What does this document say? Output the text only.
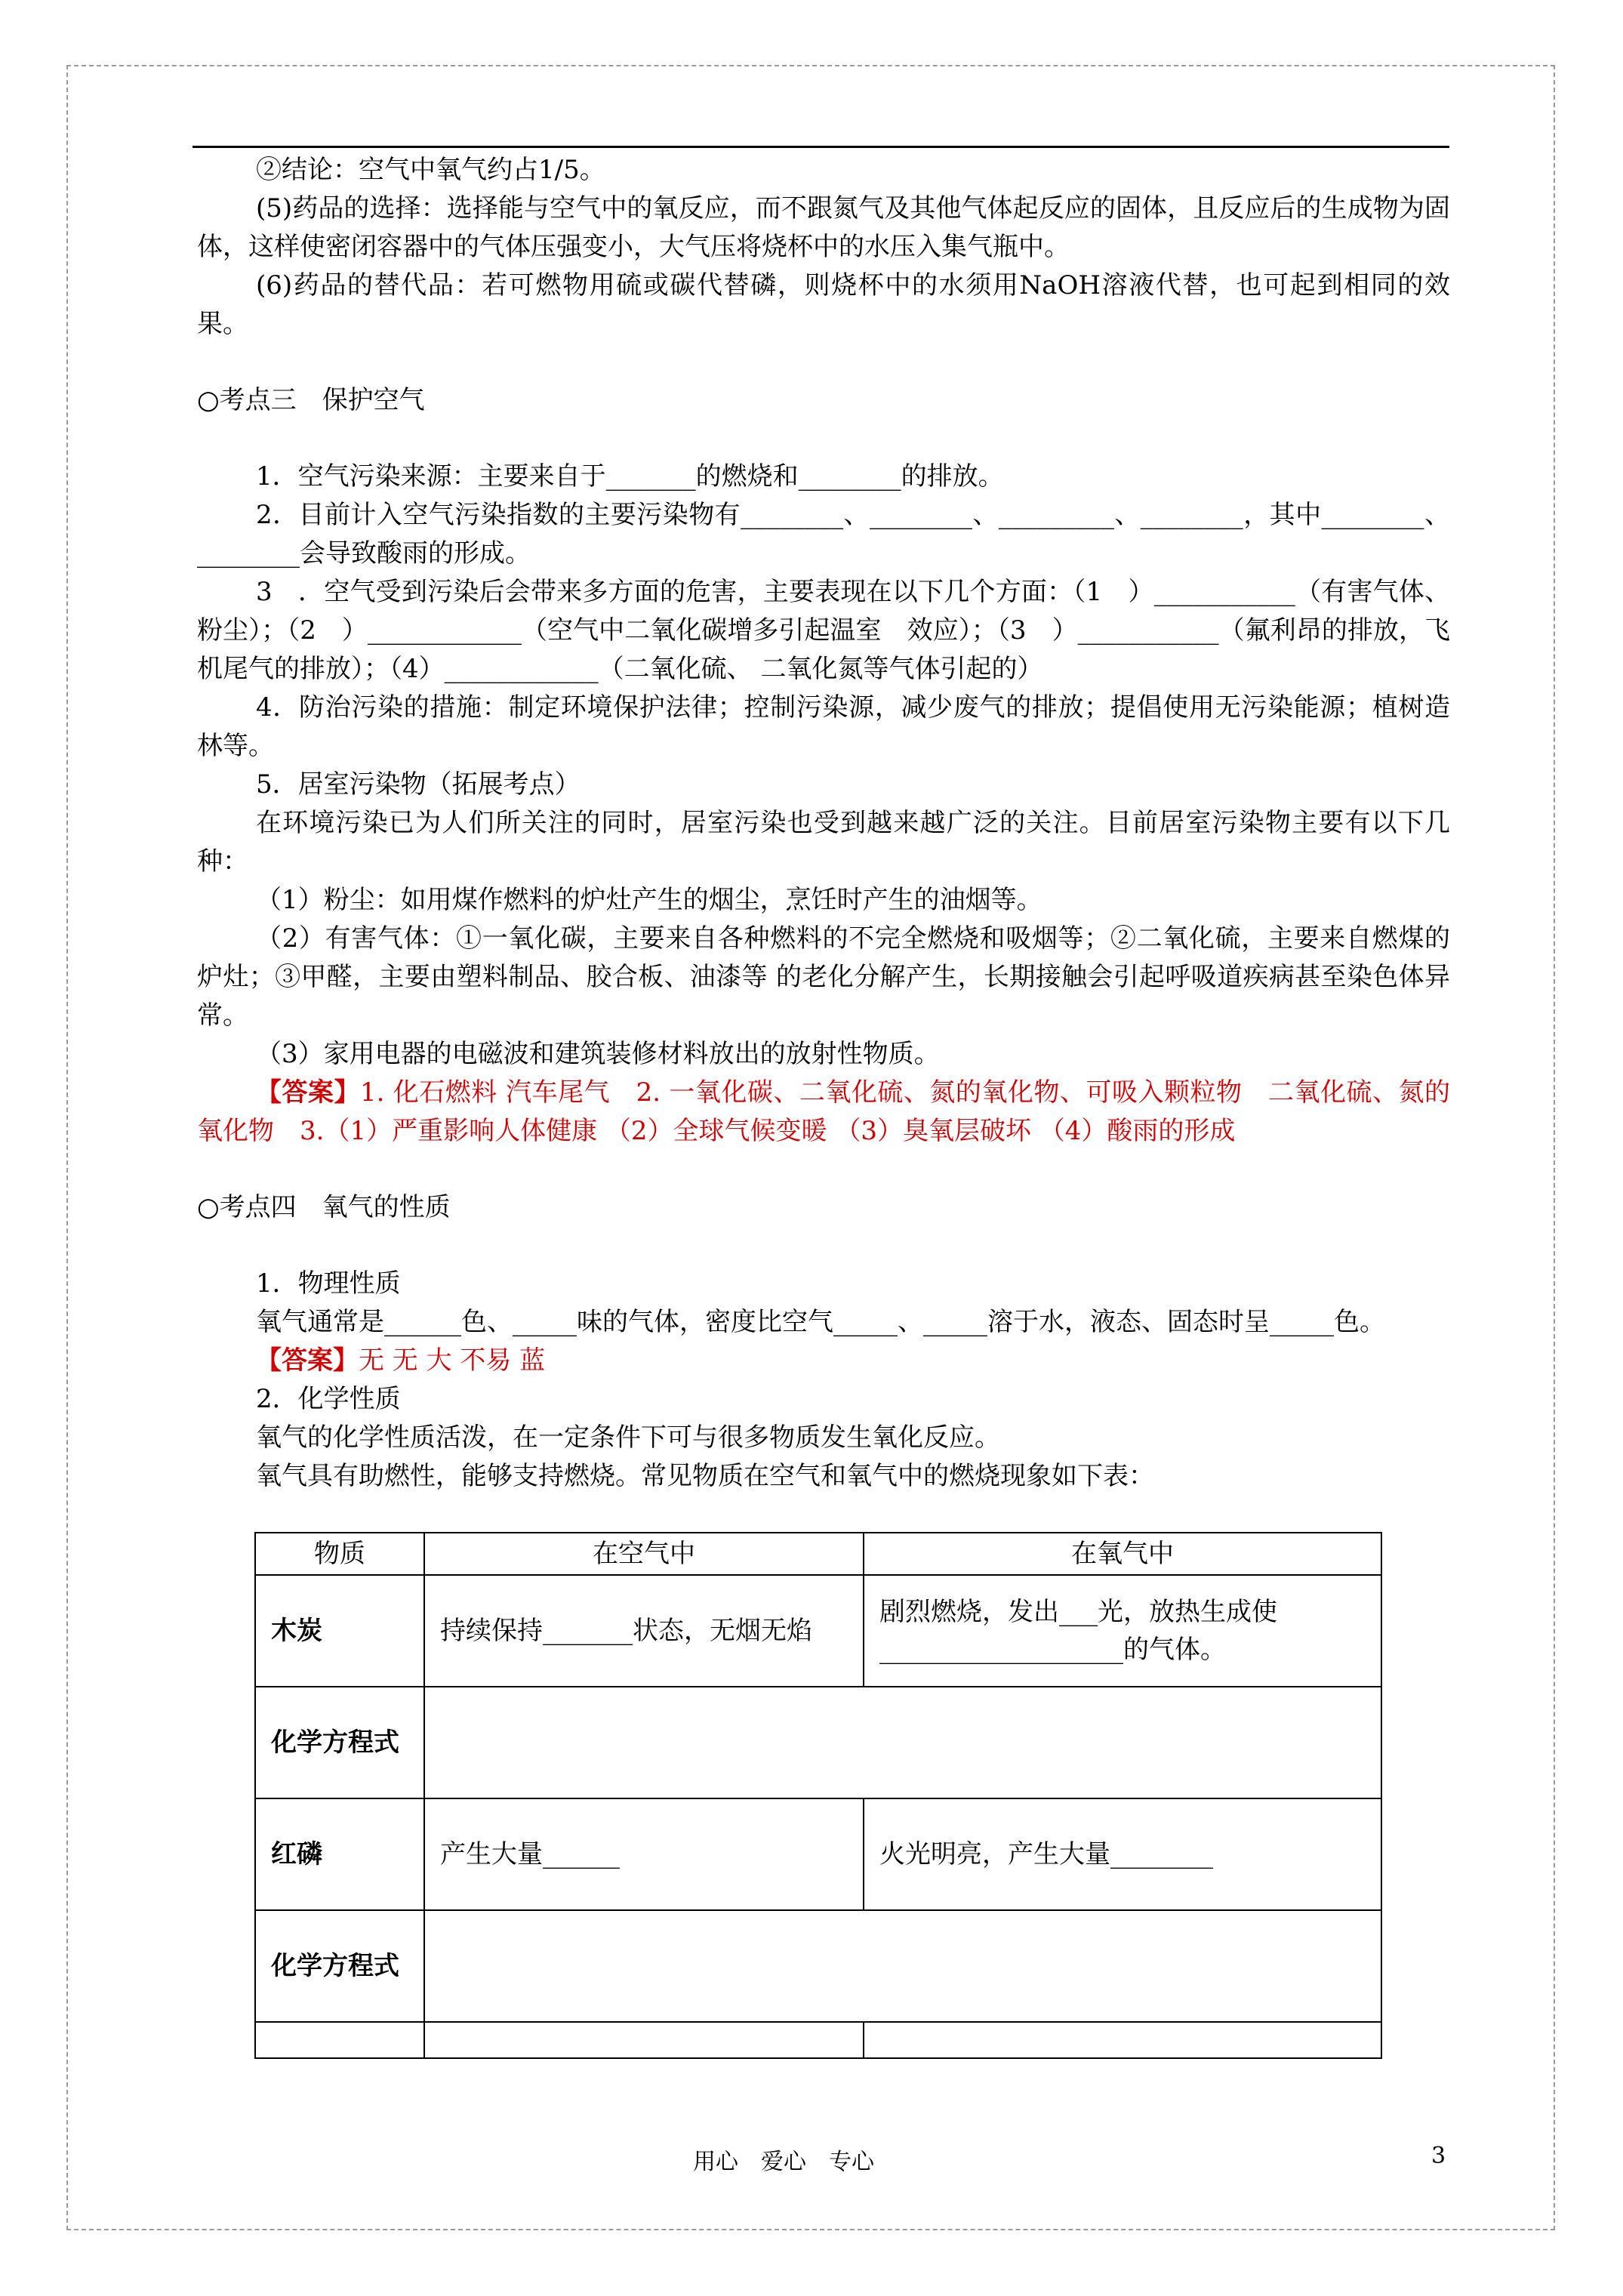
②结论：空气中氧气约占1/5。

(5)药品的选择：选择能与空气中的氧反应，而不跟氮气及其他气体起反应的固体，且反应后的生成物为固体，这样使密闭容器中的气体压强变小，大气压将烧杯中的水压入集气瓶中。

(6)药品的替代品：若可燃物用硫或碳代替磷，则烧杯中的水须用NaOH溶液代替，也可起到相同的效果。

○考点三　保护空气

1．空气污染来源：主要来自于_______的燃烧和________的排放。

2．目前计入空气污染指数的主要污染物有________、________、_________、________，其中________、________会导致酸雨的形成。

3　．空气受到污染后会带来多方面的危害，主要表现在以下几个方面：（1　）___________（有害气体、粉尘）；（2　）____________（空气中二氧化碳增多引起温室　效应）；（3　）___________（氟利昂的排放，飞机尾气的排放）；（4）____________（二氧化硫、 二氧化氮等气体引起的）

4．防治污染的措施：制定环境保护法律；控制污染源，减少废气的排放；提倡使用无污染能源；植树造林等。

5．居室污染物（拓展考点）

在环境污染已为人们所关注的同时，居室污染也受到越来越广泛的关注。目前居室污染物主要有以下几种：

（1）粉尘：如用煤作燃料的炉灶产生的烟尘，烹饪时产生的油烟等。

（2）有害气体：①一氧化碳，主要来自各种燃料的不完全燃烧和吸烟等；②二氧化硫，主要来自燃煤的炉灶；③甲醛，主要由塑料制品、胶合板、油漆等 的老化分解产生，长期接触会引起呼吸道疾病甚至染色体异常。

（3）家用电器的电磁波和建筑装修材料放出的放射性物质。

【答案】1. 化石燃料 汽车尾气　2. 一氧化碳、二氧化硫、氮的氧化物、可吸入颗粒物　二氧化硫、氮的氧化物　3.（1）严重影响人体健康 （2）全球气候变暖 （3）臭氧层破坏 （4）酸雨的形成

○考点四　氧气的性质

1．物理性质

氧气通常是______色、_____味的气体，密度比空气_____、_____溶于水，液态、固态时呈_____色。

【答案】无 无 大 不易 蓝

2．化学性质

氧气的化学性质活泼，在一定条件下可与很多物质发生氧化反应。

氧气具有助燃性，能够支持燃烧。常见物质在空气和氧气中的燃烧现象如下表：

物质	在空气中	在氧气中
木炭	持续保持_______状态，无烟无焰	剧烈燃烧，发出___光，放热生成使___________________的气体。
化学方程式		
红磷	产生大量______	火光明亮，产生大量________
化学方程式		

用心　爱心　专心	3
